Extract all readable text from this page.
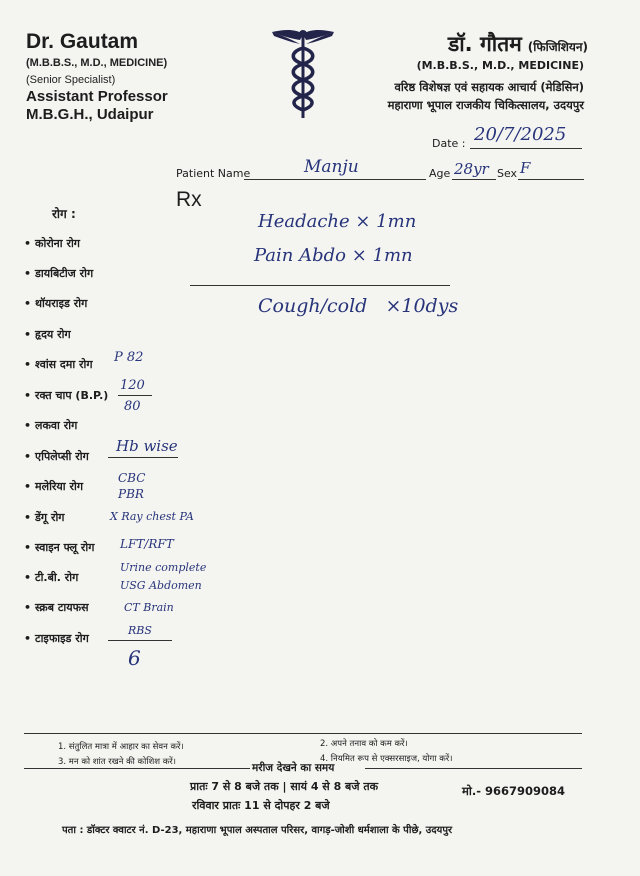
Dr. Gautam
(M.B.B.S., M.D., MEDICINE)
(Senior Specialist)
Assistant Professor
M.B.G.H., Udaipur
डॉ. गौतम (फिजिशियन)
(M.B.B.S., M.D., MEDICINE)
वरिष्ठ विशेषज्ञ एवं सहायक आचार्य (मेडिसिन)
महाराणा भूपाल राजकीय चिकित्सालय, उदयपुर
Date : 20/7/2025
Patient Name	Manju	Age 28yr Sex F
Rx
Headache × 1mn
Pain Abdo × 1mn
Cough/cold   ×10dys
रोग :
• कोरोना रोग
• डायबिटीज रोग
• थॉयराइड रोग
• हृदय रोग
• श्वांस दमा रोग
• रक्त चाप (B.P.)
• लकवा रोग
• एपिलेप्सी रोग
• मलेरिया रोग
• डेंगू रोग
• स्वाइन फ्लू रोग
• टी.बी. रोग
• स्क्रब टायफस
• टाइफाइड रोग
P 82
120
80
Hb wise
CBC
PBR
X Ray chest PA
LFT/RFT
Urine complete
USG Abdomen
CT Brain
RBS
6
1. संतुलित मात्रा में आहार का सेवन करें।	2. अपने तनाव को कम करें।
3. मन को शांत रखने की कोशिश करें।	4. नियमित रूप से एक्सरसाइज, योगा करें।
मरीज देखने का समय
प्रातः 7 से 8 बजे तक | सायं 4 से 8 बजे तक
रविवार प्रातः 11 से दोपहर 2 बजे
मो.- 9667909084
पता : डॉक्टर क्वाटर नं. D-23, महाराणा भूपाल अस्पताल परिसर, वागड़-जोशी धर्मशाला के पीछे, उदयपुर
